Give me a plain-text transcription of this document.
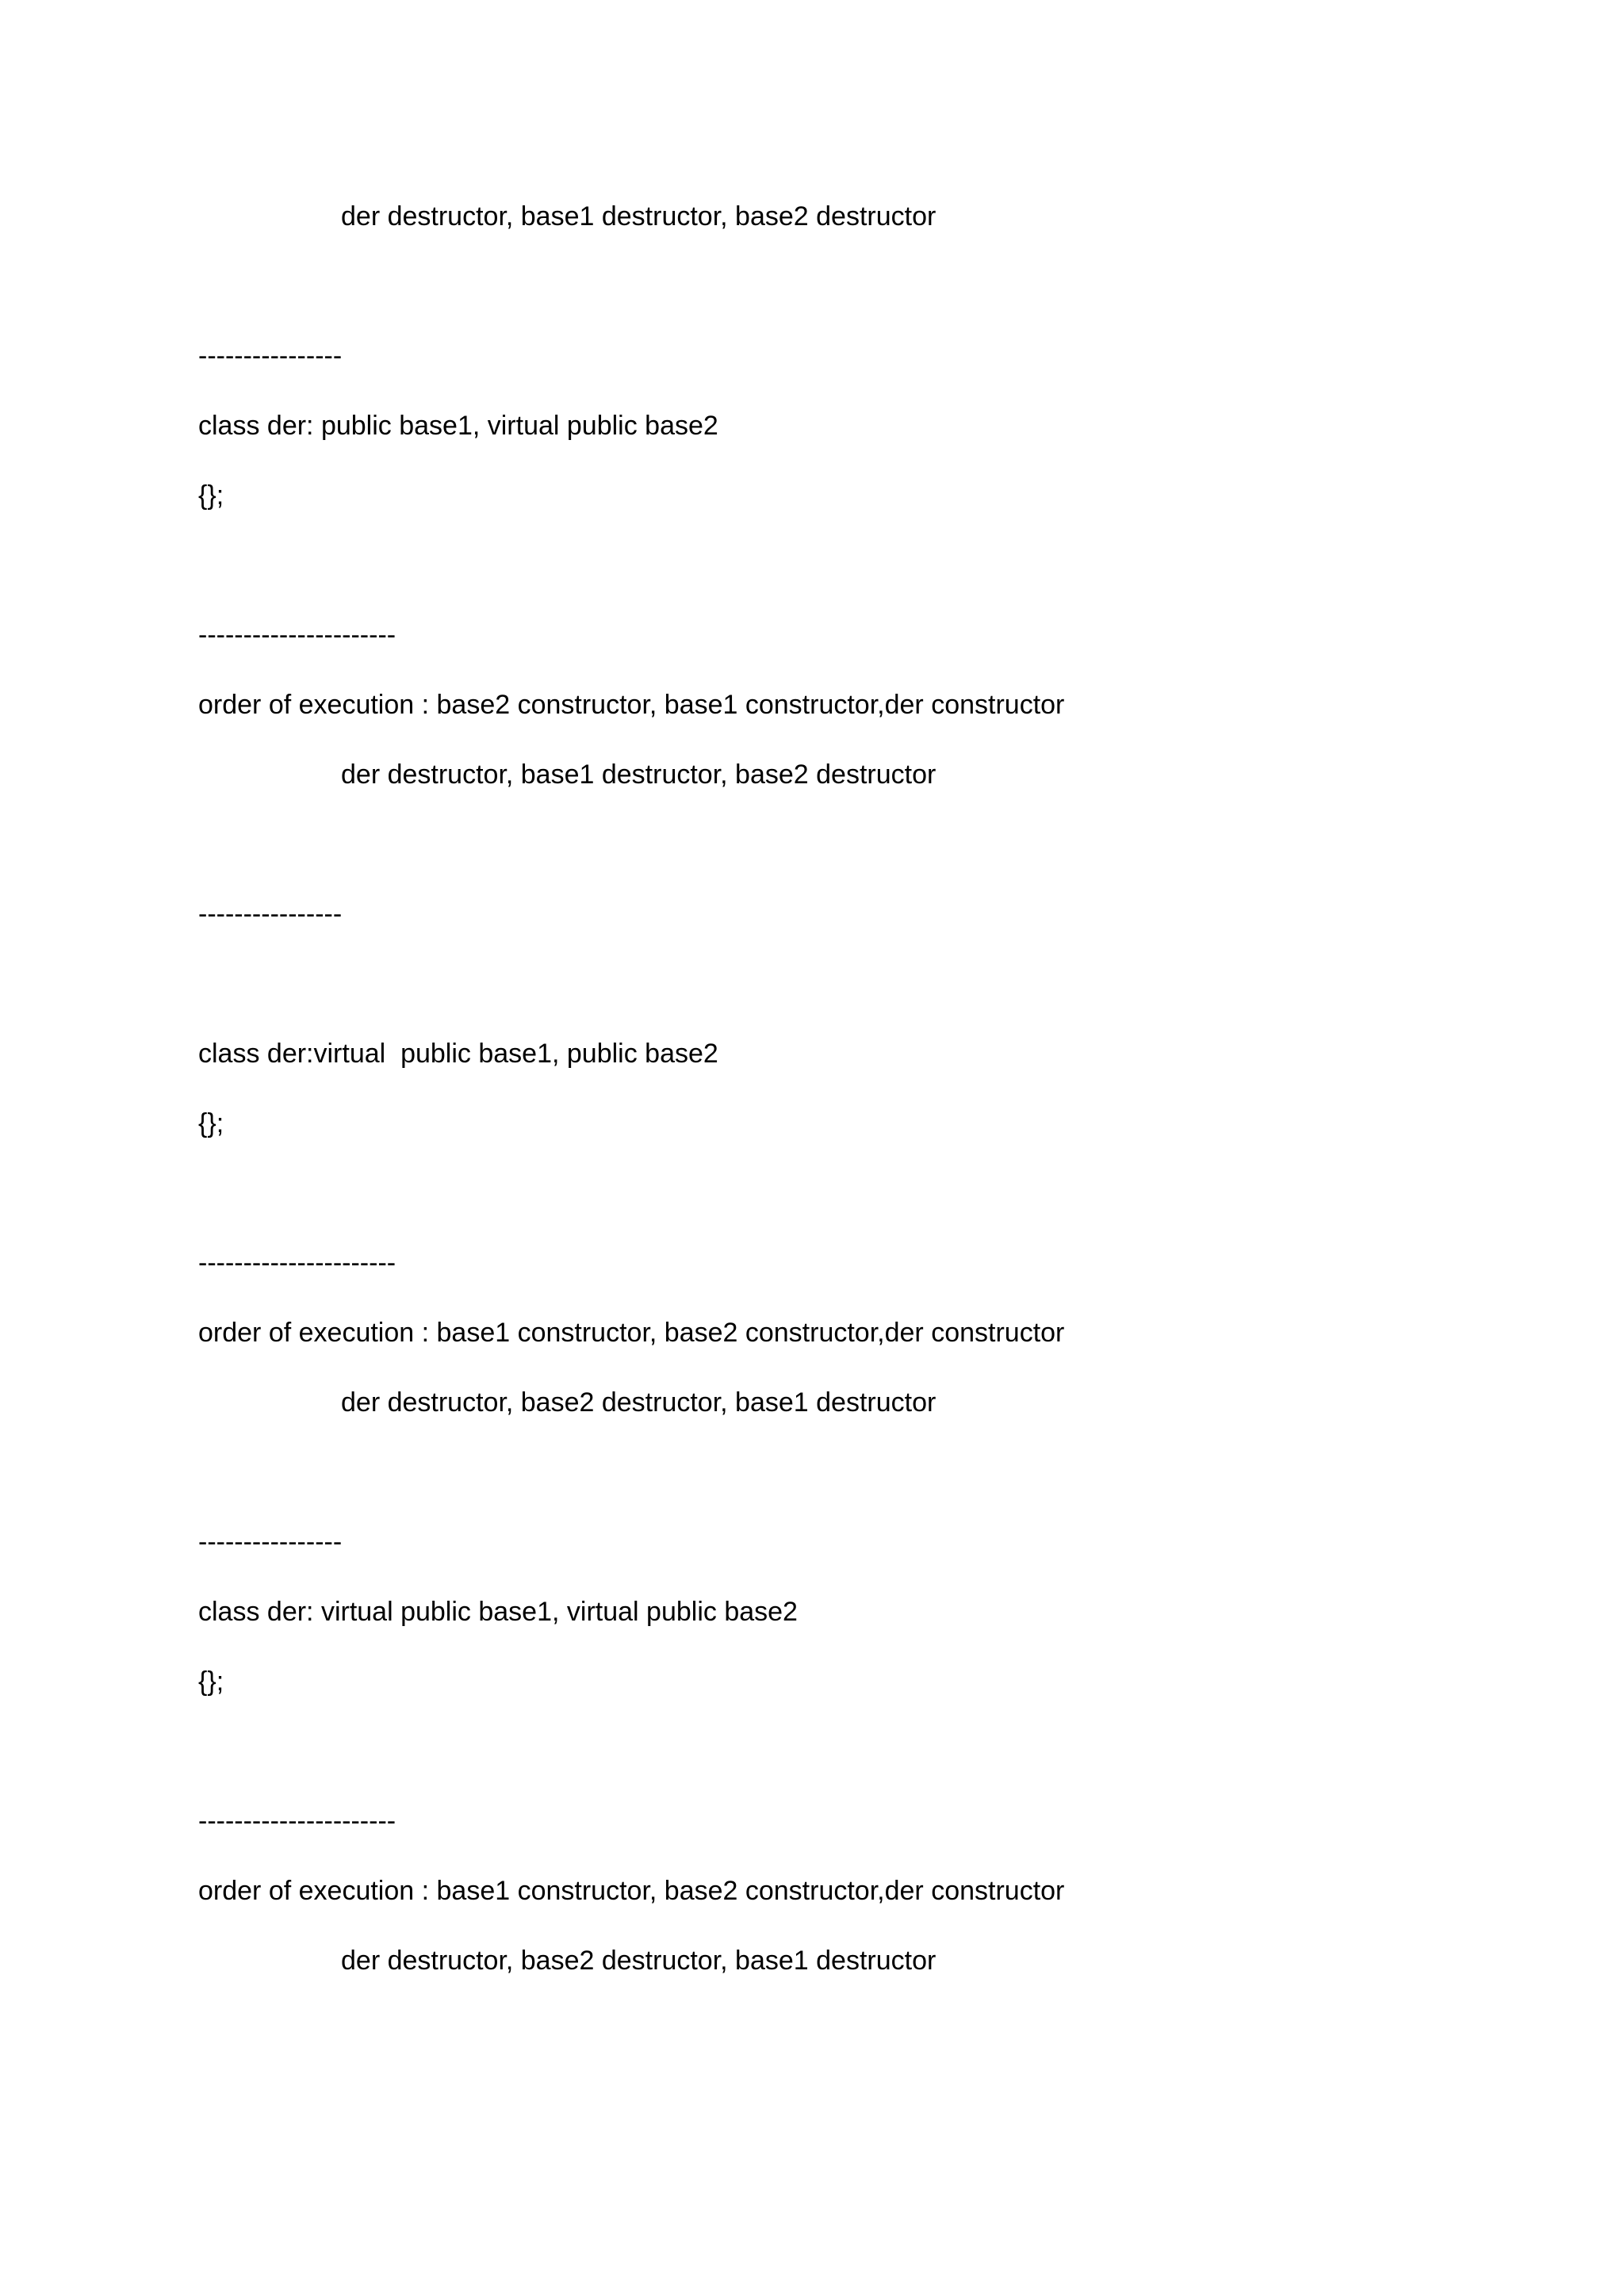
der destructor, base1 destructor, base2 destructor
----------------
class der: public base1, virtual public base2
{};
----------------------
order of execution : base2 constructor, base1 constructor,der constructor
der destructor, base1 destructor, base2 destructor
----------------
class der:virtual  public base1, public base2
{};
----------------------
order of execution : base1 constructor, base2 constructor,der constructor
der destructor, base2 destructor, base1 destructor
----------------
class der: virtual public base1, virtual public base2
{};
----------------------
order of execution : base1 constructor, base2 constructor,der constructor
der destructor, base2 destructor, base1 destructor
